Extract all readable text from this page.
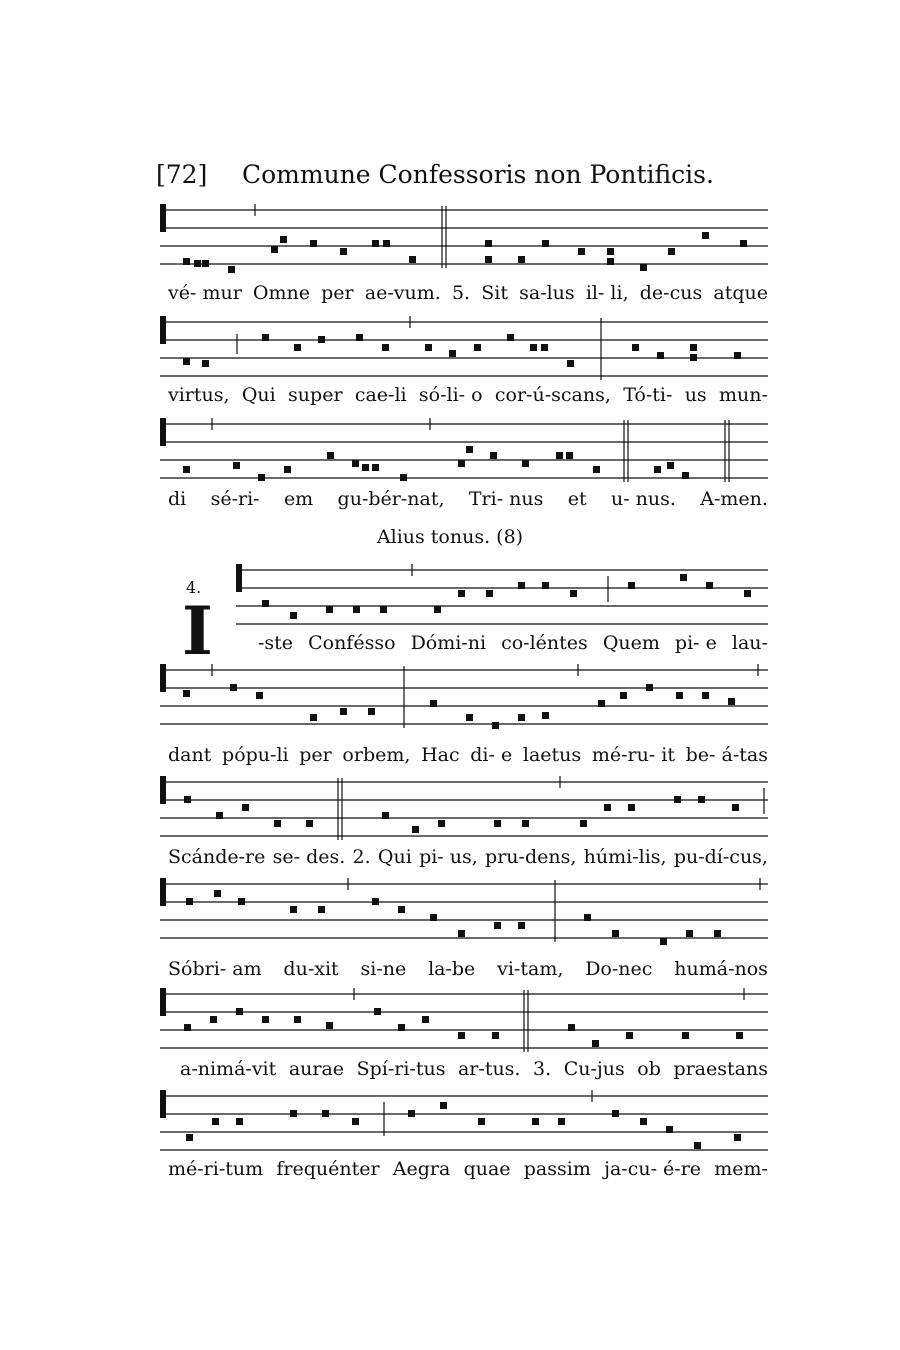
[72] Commune Confessoris non Pontificis.
vé- mur Omne per ae-vum. 5. Sit sa-lus il- li, de-cus atque
virtus, Qui super cae-li só-li- o cor-ú-scans, Tó-ti- us mun-
di sé-ri- em gu-bér-nat, Tri- nus et u- nus. A-men.
Alius tonus. (8)
4.
I -ste Confésso Dómi-ni co-léntes Quem pi- e lau-
dant pópu-li per orbem, Hac di- e laetus mé-ru- it be- á-tas
Scánde-re se- des. 2. Qui pi- us, pru-dens, húmi-lis, pu-dí-cus,
Sóbri- am du-xit si-ne la-be vi-tam, Do-nec humá-nos
a-nimá-vit aurae Spí-ri-tus ar-tus. 3. Cu-jus ob praestans
mé-ri-tum frequénter Aegra quae passim ja-cu- é-re mem-
